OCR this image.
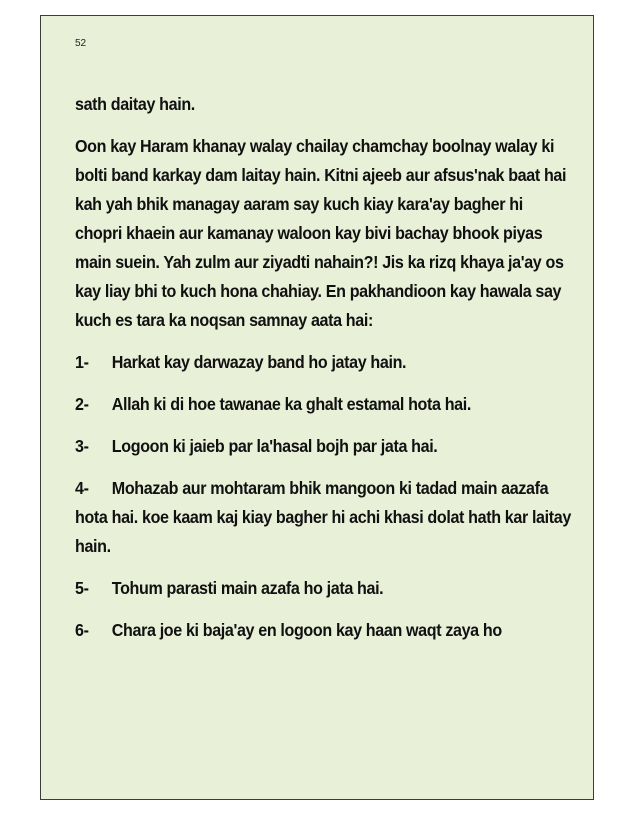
52

sath daitay hain.

Oon kay Haram khanay walay chailay chamchay boolnay walay ki bolti band karkay dam laitay hain. Kitni ajeeb aur afsus'nak baat hai kah yah bhik managay aaram say kuch kiay kara'ay bagher hi chopri khaein aur kamanay waloon kay bivi bachay bhook piyas main suein. Yah zulm aur ziyadti nahain?! Jis ka rizq khaya ja'ay os kay liay bhi to kuch hona chahiay. En pakhandioon kay hawala say kuch es tara ka noqsan samnay aata hai:

1- Harkat kay darwazay band ho jatay hain.
2- Allah ki di hoe tawanae ka ghalt estamal hota hai.
3- Logoon ki jaieb par la'hasal bojh par jata hai.
4- Mohazab aur mohtaram bhik mangoon ki tadad main aazafa hota hai. koe kaam kaj kiay bagher hi achi khasi dolat hath kar laitay hain.
5- Tohum parasti main azafa ho jata hai.
6- Chara joe ki baja'ay en logoon kay haan waqt zaya ho
